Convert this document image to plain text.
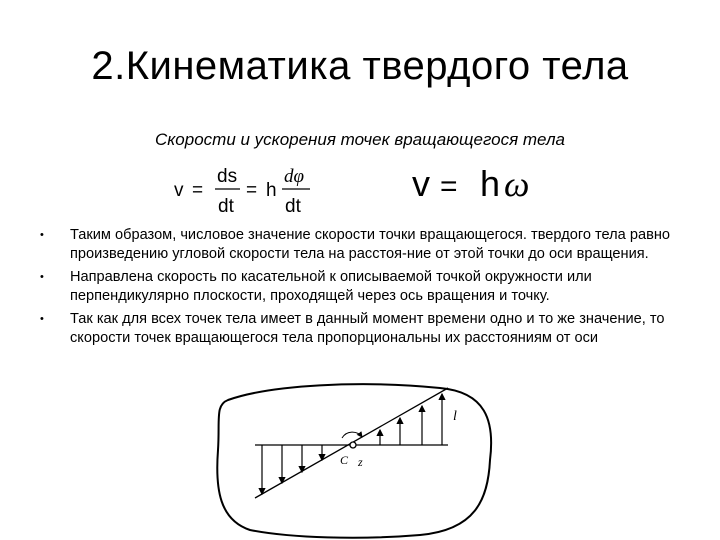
2.Кинематика твердого тела
Скорости и ускорения точек вращающегося тела
v =
ds
dt
= h
dφ
dt
v = h ω
• Таким образом, числовое значение скорости точки вращающегося. твердого тела равно произведению угловой скорости тела на расстоя-ние от этой точки до оси вращения.
• Направлена скорость по касательной к описываемой точкой окружности или перпендикулярно плоскости, проходящей через ось вращения и точку.
• Так как для всех точек тела имеет в данный момент времени одно и то же значение, то скорости точек вращающегося тела пропорциональны их расстояниям от оси
C z
l
